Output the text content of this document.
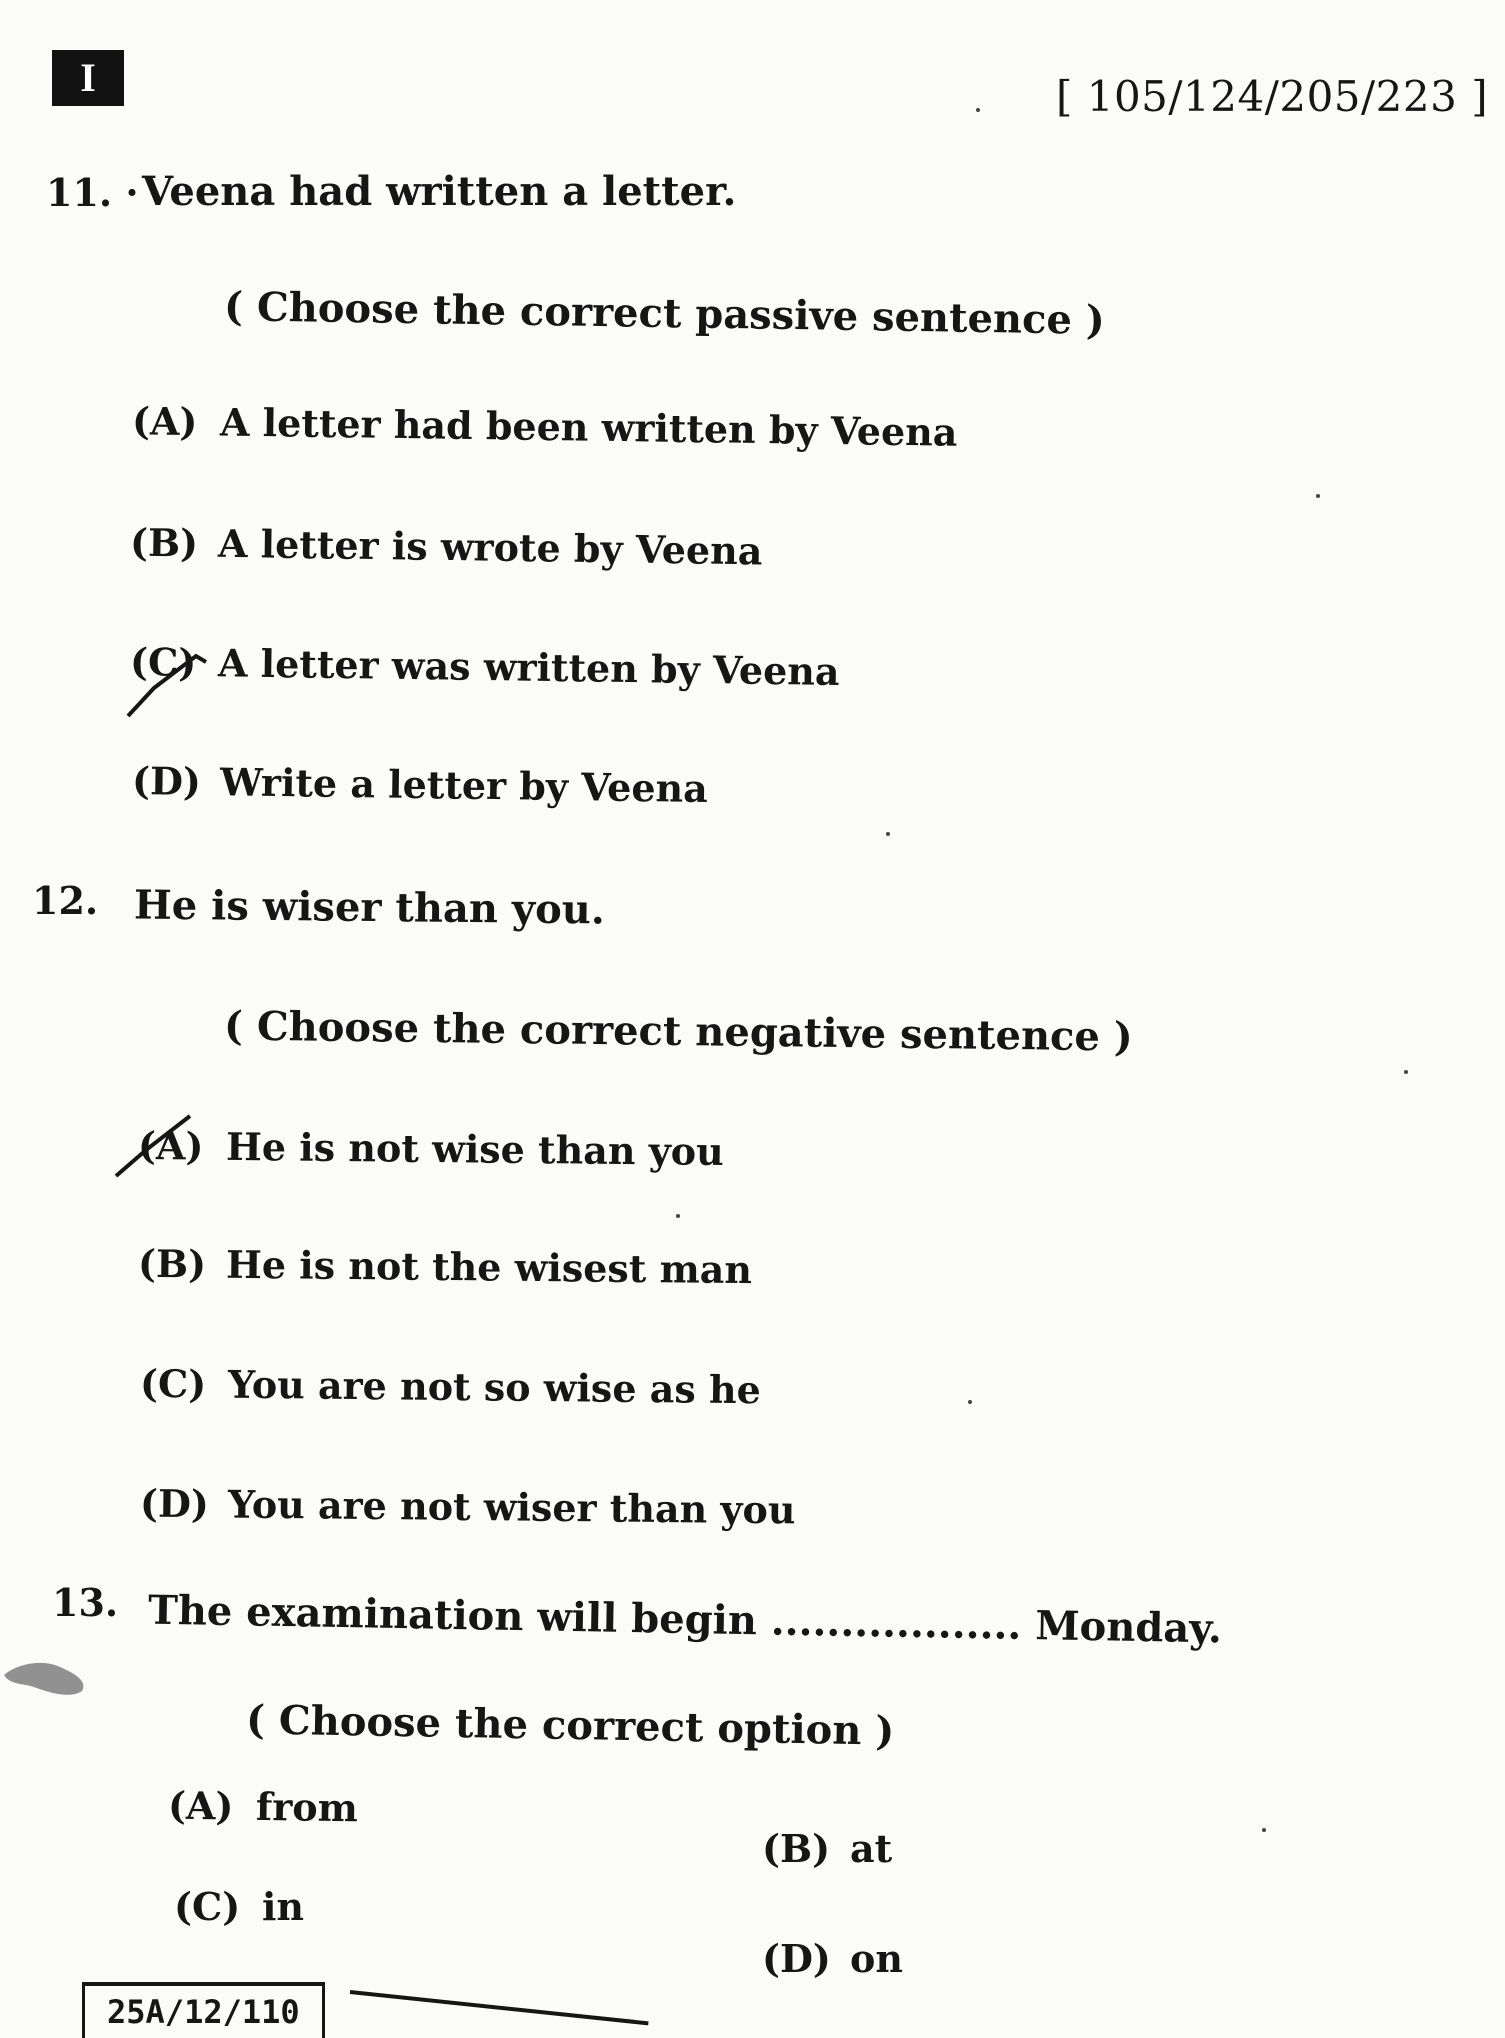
I	[ 105/124/205/223 ]
11. · Veena had written a letter.
( Choose the correct passive sentence )
(A) A letter had been written by Veena
(B) A letter is wrote by Veena
(C) A letter was written by Veena
(D) Write a letter by Veena
12. He is wiser than you.
( Choose the correct negative sentence )
(A) He is not wise than you
(B) He is not the wisest man
(C) You are not so wise as he
(D) You are not wiser than you
13. The examination will begin .................. Monday.
( Choose the correct option )
(A) from
(B) at
(C) in
(D) on
25A/12/110
